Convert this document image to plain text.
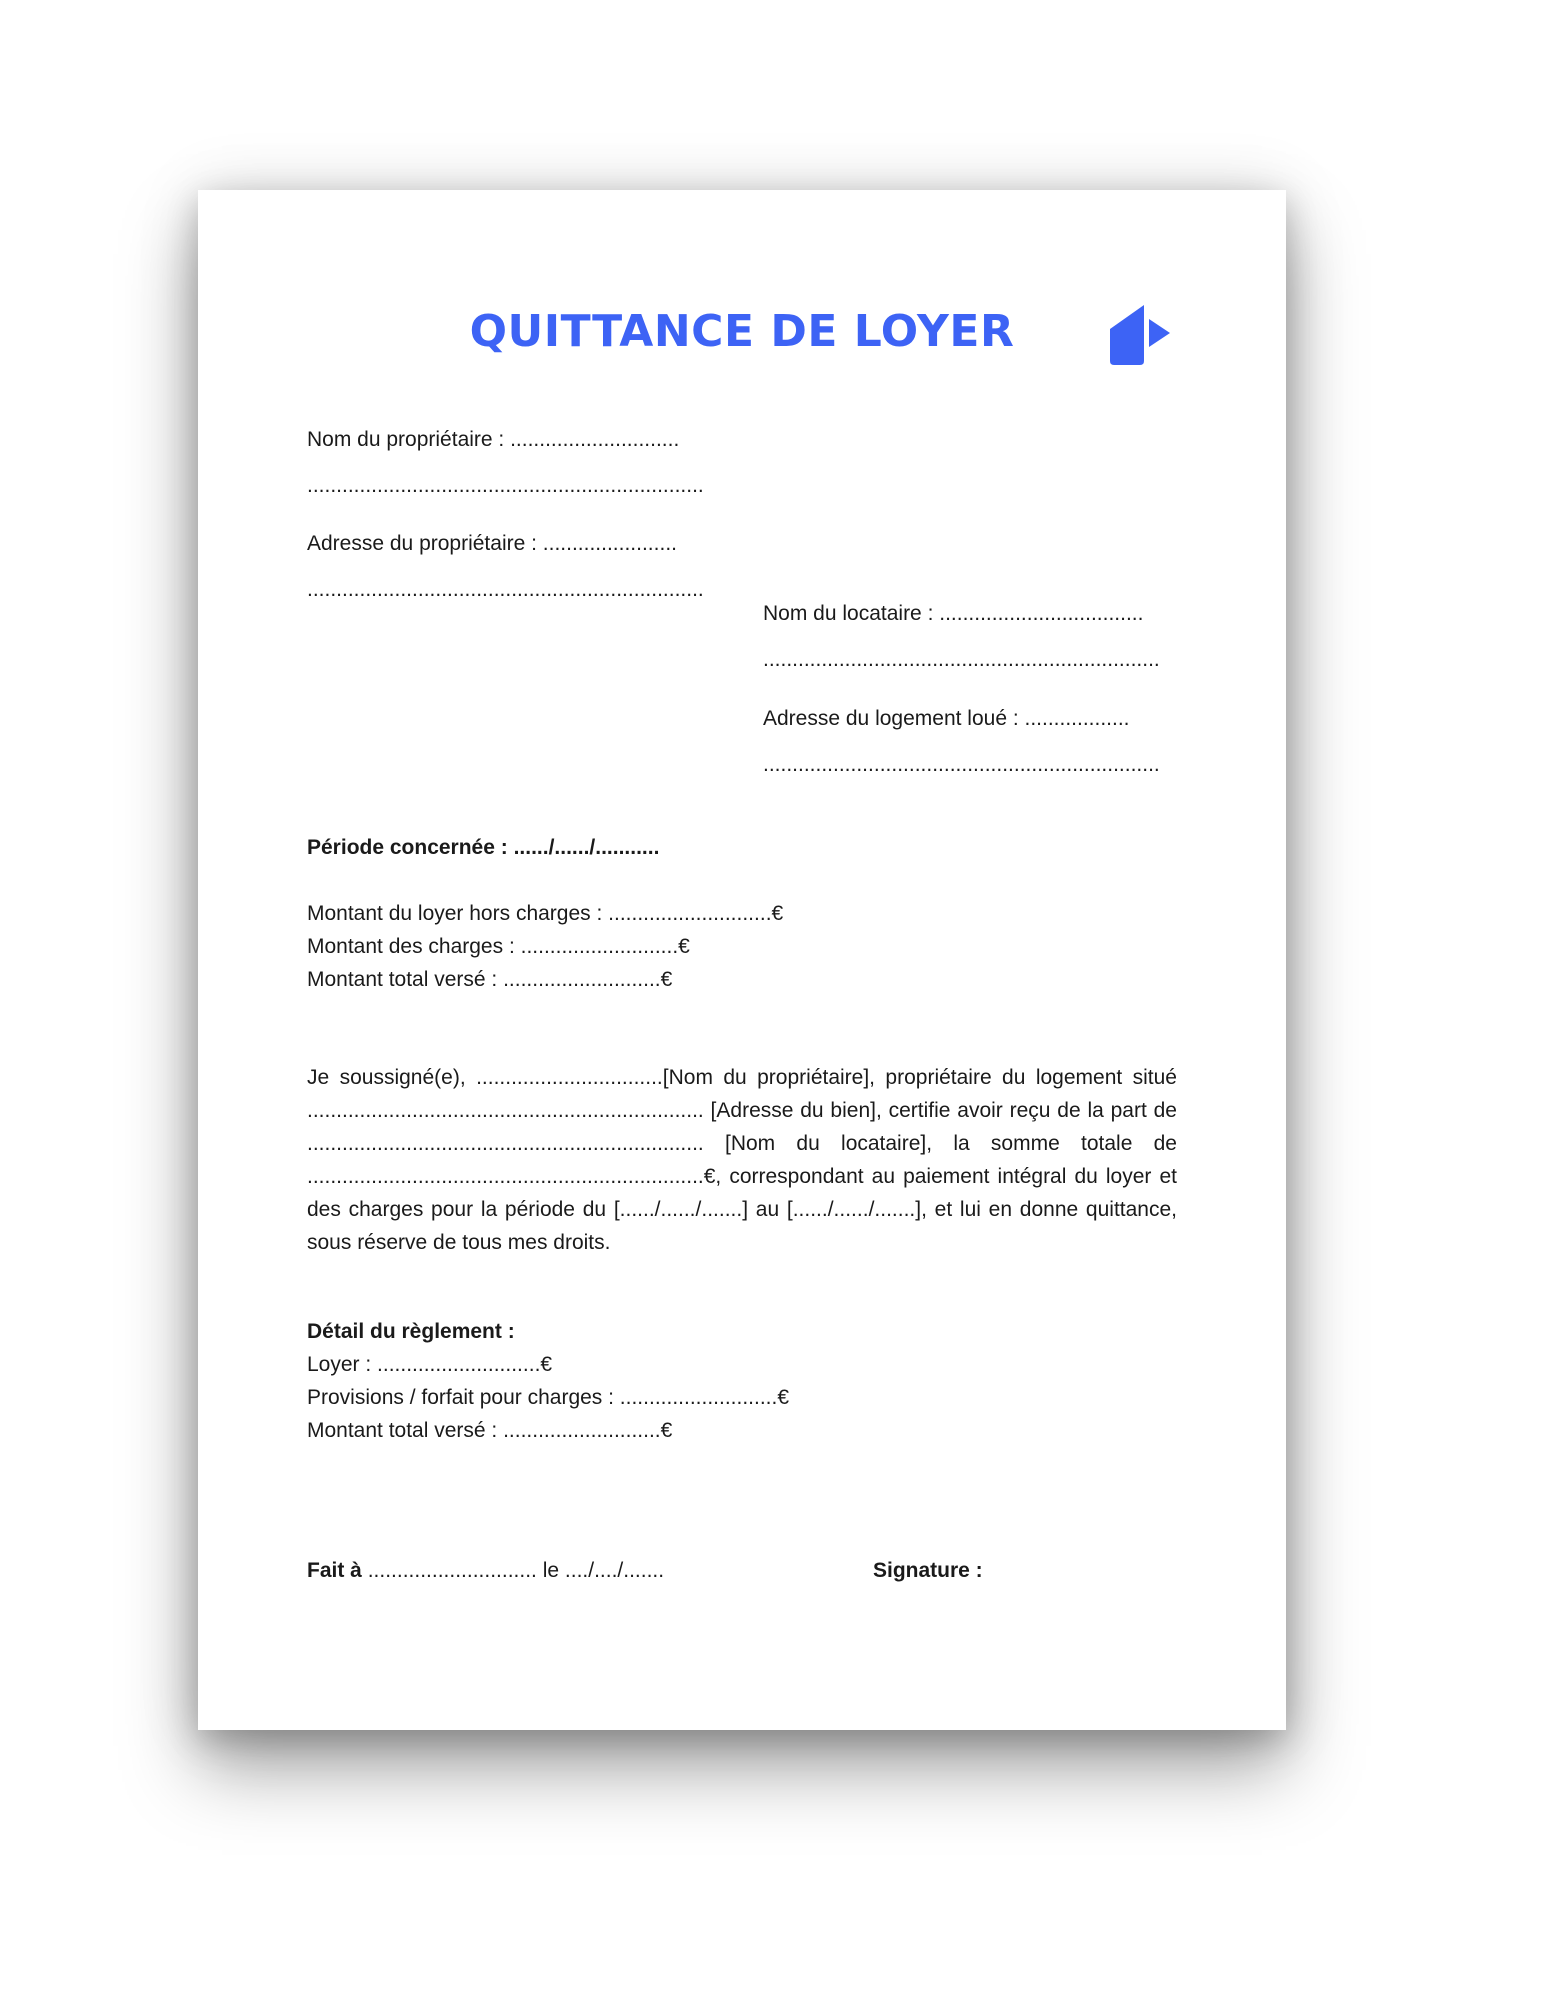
QUITTANCE DE LOYER
Nom du propriétaire : .............................
....................................................................
Adresse du propriétaire : .......................
....................................................................
Nom du locataire : ...................................
....................................................................
Adresse du logement loué : ..................
....................................................................
Période concernée : ....../....../...........
Montant du loyer hors charges : ............................€
Montant des charges : ...........................€
Montant total versé : ...........................€

Je soussigné(e), ................................[Nom du propriétaire], propriétaire du logement situé .................................................................... [Adresse du bien], certifie avoir reçu de la part de .................................................................... [Nom du locataire], la somme totale de ....................................................................€, correspondant au paiement intégral du loyer et des charges pour la période du [....../....../.......] au [....../....../.......], et lui en donne quittance, sous réserve de tous mes droits.

Détail du règlement :
Loyer : ............................€
Provisions / forfait pour charges : ...........................€
Montant total versé : ...........................€
Fait à ............................. le ..../..../.......	Signature :
